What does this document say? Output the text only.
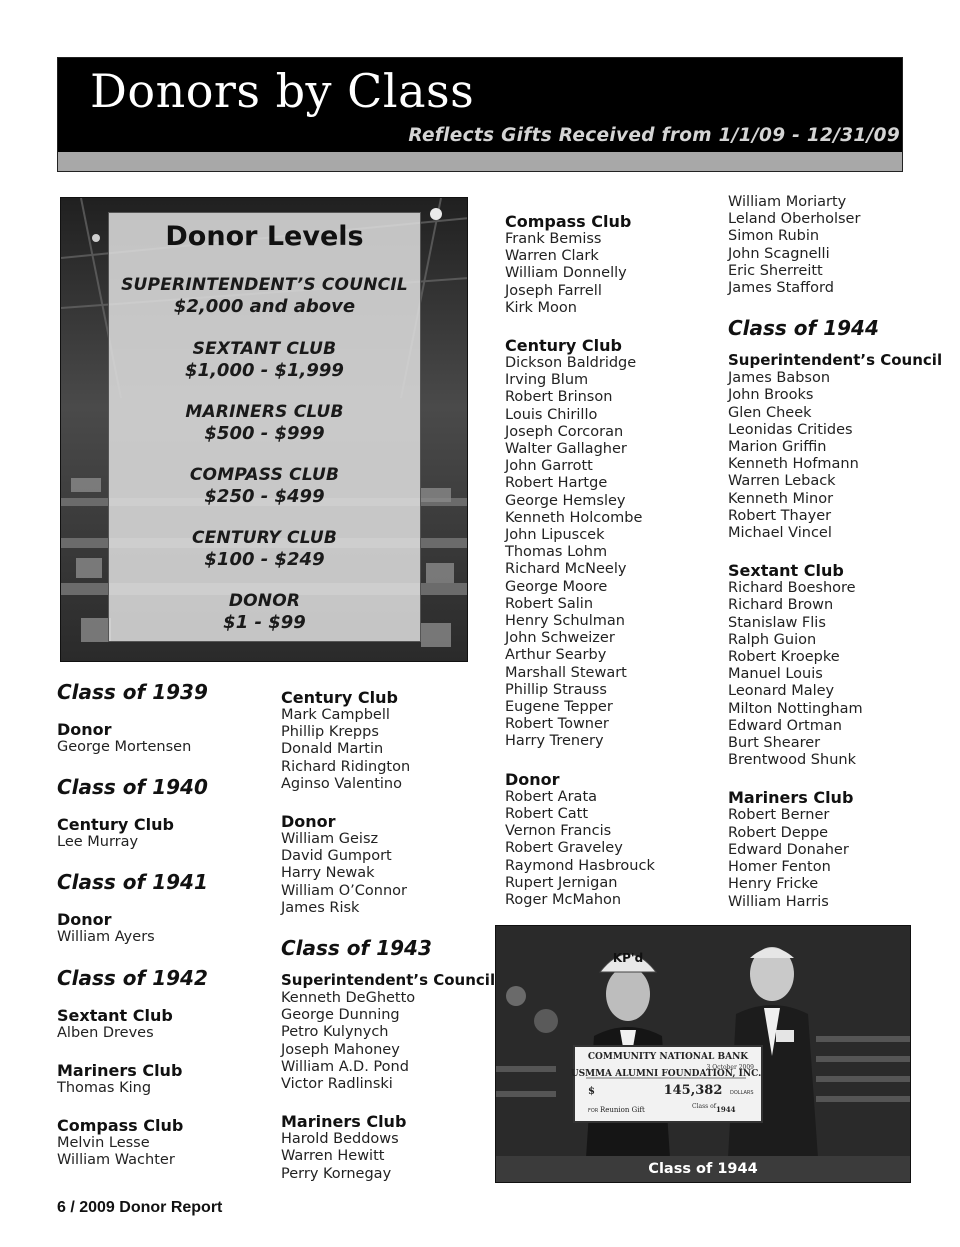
Donors by Class
Reflects Gifts Received from 1/1/09 - 12/31/09
Donor Levels
SUPERINTENDENT’S COUNCIL
$2,000 and above
SEXTANT CLUB
$1,000 - $1,999
MARINERS CLUB
$500 - $999
COMPASS CLUB
$250 - $499
CENTURY CLUB
$100 - $249
DONOR
$1 - $99
Class of 1939
Donor
George Mortensen
Class of 1940
Century Club
Lee Murray
Class of 1941
Donor
William Ayers
Class of 1942
Sextant Club
Alben Dreves
Mariners Club
Thomas King
Compass Club
Melvin Lesse
William Wachter
Century Club
Mark Campbell
Phillip Krepps
Donald Martin
Richard Ridington
Aginso Valentino
Donor
William Geisz
David Gumport
Harry Newak
William O’Connor
James Risk
Class of 1943
Superintendent’s Council
Kenneth DeGhetto
George Dunning
Petro Kulynych
Joseph Mahoney
William A.D. Pond
Victor Radlinski
Mariners Club
Harold Beddows
Warren Hewitt
Perry Kornegay
Compass Club
Frank Bemiss
Warren Clark
William Donnelly
Joseph Farrell
Kirk Moon
Century Club
Dickson Baldridge
Irving Blum
Robert Brinson
Louis Chirillo
Joseph Corcoran
Walter Gallagher
John Garrott
Robert Hartge
George Hemsley
Kenneth Holcombe
John Lipuscek
Thomas Lohm
Richard McNeely
George Moore
Robert Salin
Henry Schulman
John Schweizer
Arthur Searby
Marshall Stewart
Phillip Strauss
Eugene Tepper
Robert Towner
Harry Trenery
Donor
Robert Arata
Robert Catt
Vernon Francis
Robert Graveley
Raymond Hasbrouck
Rupert Jernigan
Roger McMahon
William Moriarty
Leland Oberholser
Simon Rubin
John Scagnelli
Eric Sherreitt
James Stafford
Class of 1944
Superintendent’s Council
James Babson
John Brooks
Glen Cheek
Leonidas Critides
Marion Griffin
Kenneth Hofmann
Warren Leback
Kenneth Minor
Robert Thayer
Michael Vincel
Sextant Club
Richard Boeshore
Richard Brown
Stanislaw Flis
Ralph Guion
Robert Kroepke
Manuel Louis
Leonard Maley
Milton Nottingham
Edward Ortman
Burt Shearer
Brentwood Shunk
Mariners Club
Robert Berner
Robert Deppe
Edward Donaher
Homer Fenton
Henry Fricke
William Harris
KP'd
COMMUNITY NATIONAL BANK
3 October 2009
USMMA ALUMNI FOUNDATION, INC.
$	145,382 DOLLARS
FOR Reunion Gift	Class of 1944
Class of 1944
6 / 2009 Donor Report
